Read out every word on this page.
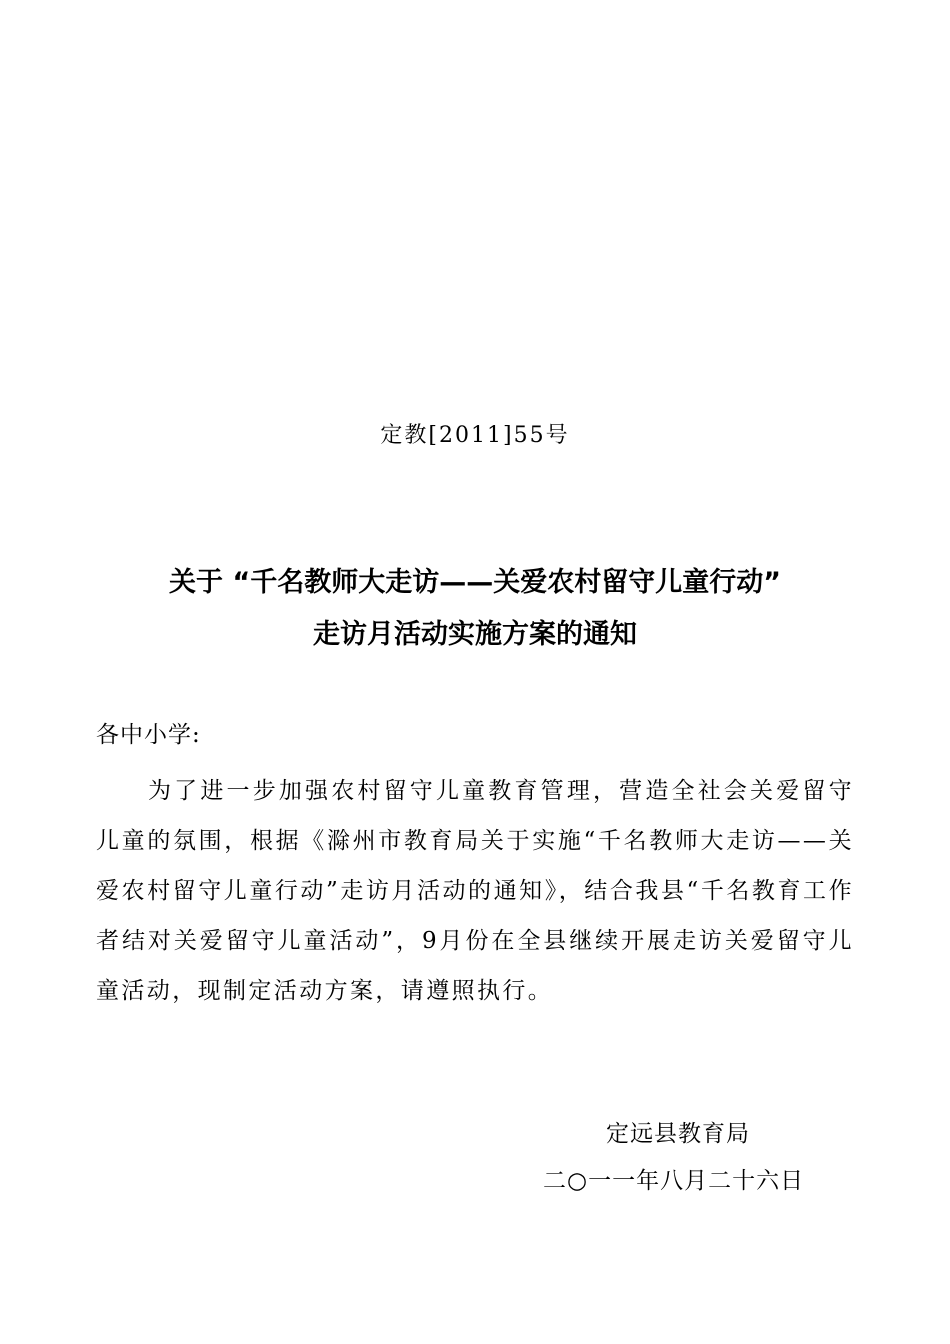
定教[2011]55号
关于 “千名教师大走访——关爱农村留守儿童行动”
走访月活动实施方案的通知
各中小学:

为了进一步加强农村留守儿童教育管理，营造全社会关爱留守儿童的氛围，根据《滁州市教育局关于实施“千名教师大走访——关爱农村留守儿童行动”走访月活动的通知》，结合我县“千名教育工作者结对关爱留守儿童活动”，9月份在全县继续开展走访关爱留守儿童活动，现制定活动方案，请遵照执行。

定远县教育局
二○一一年八月二十六日
